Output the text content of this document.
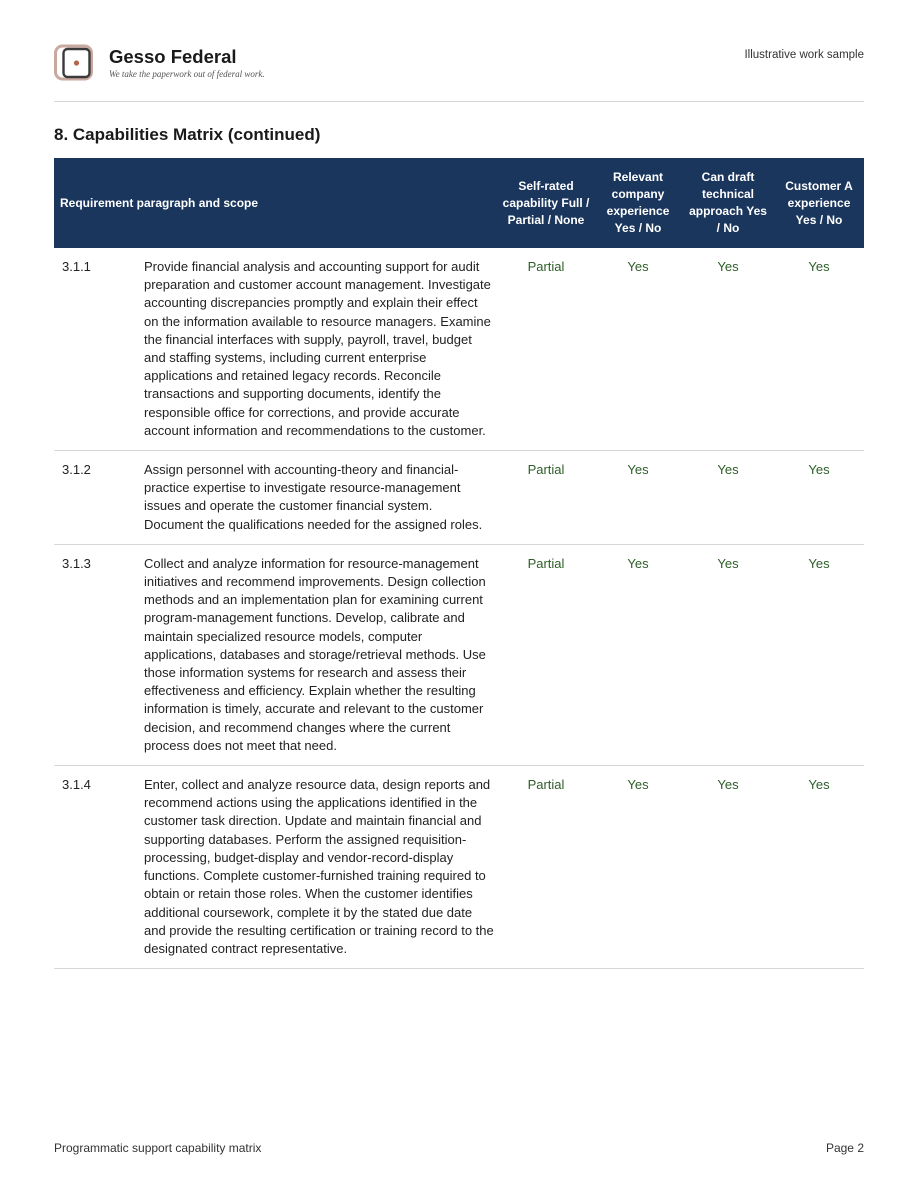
Gesso Federal
We take the paperwork out of federal work.
Illustrative work sample
8. Capabilities Matrix (continued)
Requirement paragraph and scope		Self-rated capability Full / Partial / None	Relevant company experience Yes / No	Can draft technical approach Yes / No	Customer A experience Yes / No
3.1.1	Provide financial analysis and accounting support for audit preparation and customer account management. Investigate accounting discrepancies promptly and explain their effect on the information available to resource managers. Examine the financial interfaces with supply, payroll, travel, budget and staffing systems, including current enterprise applications and retained legacy records. Reconcile transactions and supporting documents, identify the responsible office for corrections, and provide accurate account information and recommendations to the customer.	Partial	Yes	Yes	Yes
3.1.2	Assign personnel with accounting-theory and financial-practice expertise to investigate resource-management issues and operate the customer financial system. Document the qualifications needed for the assigned roles.	Partial	Yes	Yes	Yes
3.1.3	Collect and analyze information for resource-management initiatives and recommend improvements. Design collection methods and an implementation plan for examining current program-management functions. Develop, calibrate and maintain specialized resource models, computer applications, databases and storage/retrieval methods. Use those information systems for research and assess their effectiveness and efficiency. Explain whether the resulting information is timely, accurate and relevant to the customer decision, and recommend changes where the current process does not meet that need.	Partial	Yes	Yes	Yes
3.1.4	Enter, collect and analyze resource data, design reports and recommend actions using the applications identified in the customer task direction. Update and maintain financial and supporting databases. Perform the assigned requisition-processing, budget-display and vendor-record-display functions. Complete customer-furnished training required to obtain or retain those roles. When the customer identifies additional coursework, complete it by the stated due date and provide the resulting certification or training record to the designated contract representative.	Partial	Yes	Yes	Yes
Programmatic support capability matrix	Page 2
